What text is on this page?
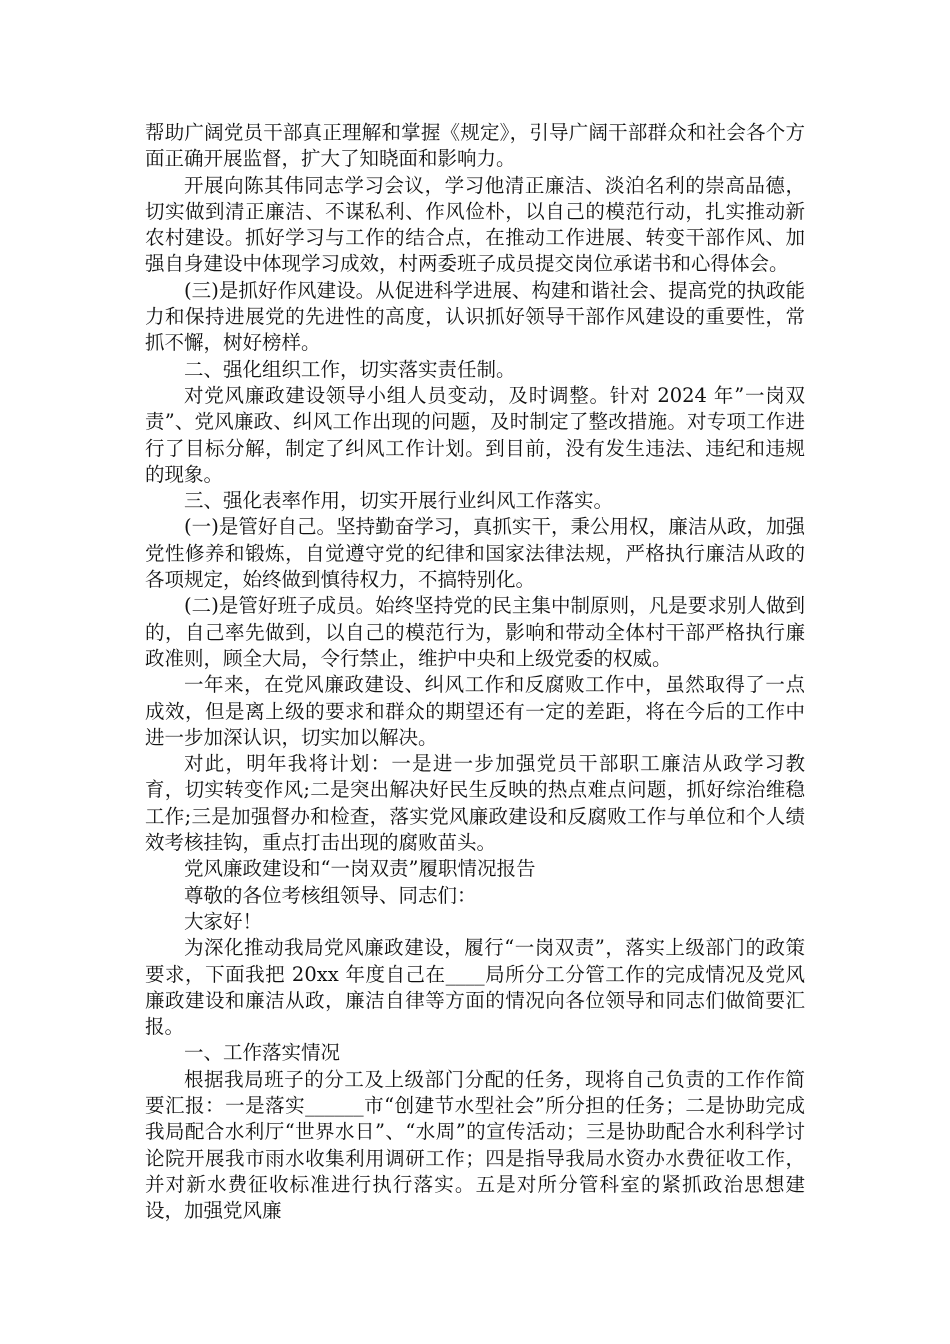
帮助广阔党员干部真正理解和掌握《规定》，引导广阔干部群众和社会各个方面正确开展监督，扩大了知晓面和影响力。

开展向陈其伟同志学习会议，学习他清正廉洁、淡泊名利的崇高品德，切实做到清正廉洁、不谋私利、作风俭朴，以自己的模范行动，扎实推动新农村建设。抓好学习与工作的结合点，在推动工作进展、转变干部作风、加强自身建设中体现学习成效，村两委班子成员提交岗位承诺书和心得体会。

(三)是抓好作风建设。从促进科学进展、构建和谐社会、提高党的执政能力和保持进展党的先进性的高度，认识抓好领导干部作风建设的重要性，常抓不懈，树好榜样。

二、强化组织工作，切实落实责任制。

对党风廉政建设领导小组人员变动，及时调整。针对 2024 年”一岗双责”、党风廉政、纠风工作出现的问题，及时制定了整改措施。对专项工作进行了目标分解，制定了纠风工作计划。到目前，没有发生违法、违纪和违规的现象。

三、强化表率作用，切实开展行业纠风工作落实。

(一)是管好自己。坚持勤奋学习，真抓实干，秉公用权，廉洁从政，加强党性修养和锻炼，自觉遵守党的纪律和国家法律法规，严格执行廉洁从政的各项规定，始终做到慎待权力，不搞特别化。

(二)是管好班子成员。始终坚持党的民主集中制原则，凡是要求别人做到的，自己率先做到，以自己的模范行为，影响和带动全体村干部严格执行廉政准则，顾全大局，令行禁止，维护中央和上级党委的权威。

一年来，在党风廉政建设、纠风工作和反腐败工作中，虽然取得了一点成效，但是离上级的要求和群众的期望还有一定的差距，将在今后的工作中进一步加深认识，切实加以解决。

对此，明年我将计划：一是进一步加强党员干部职工廉洁从政学习教育，切实转变作风;二是突出解决好民生反映的热点难点问题，抓好综治维稳工作;三是加强督办和检查，落实党风廉政建设和反腐败工作与单位和个人绩效考核挂钩，重点打击出现的腐败苗头。

党风廉政建设和“一岗双责”履职情况报告

尊敬的各位考核组领导、同志们：

大家好！

为深化推动我局党风廉政建设，履行“一岗双责”，落实上级部门的政策要求，下面我把 20xx 年度自己在____局所分工分管工作的完成情况及党风廉政建设和廉洁从政，廉洁自律等方面的情况向各位领导和同志们做简要汇报。

一、工作落实情况

根据我局班子的分工及上级部门分配的任务，现将自己负责的工作作简要汇报：一是落实______市“创建节水型社会”所分担的任务；二是协助完成我局配合水利厅“世界水日”、“水周”的宣传活动；三是协助配合水利科学讨论院开展我市雨水收集利用调研工作；四是指导我局水资办水费征收工作，并对新水费征收标准进行执行落实。五是对所分管科室的紧抓政治思想建设，加强党风廉
